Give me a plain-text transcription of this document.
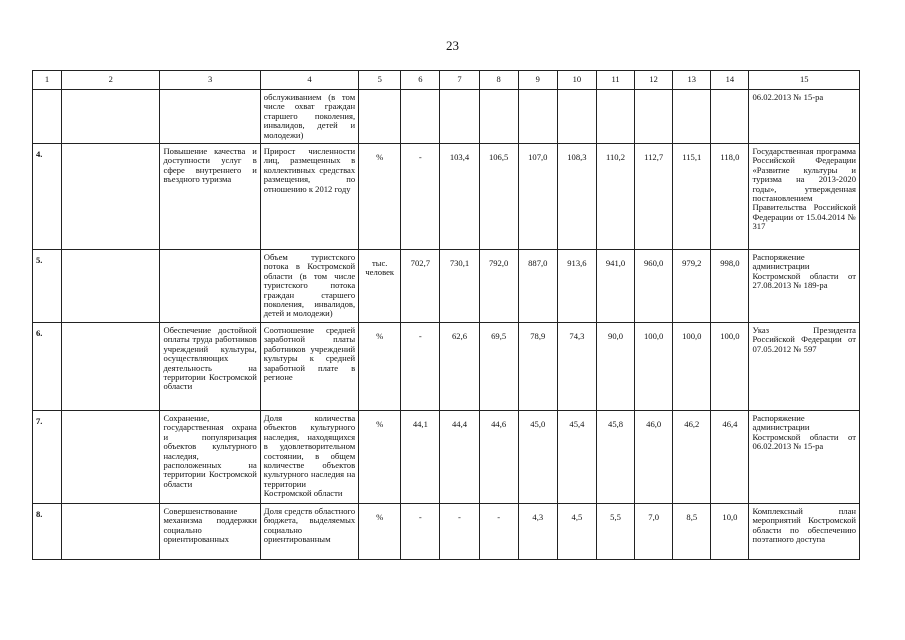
23
1	2	3	4	5	6	7	8	9	10	11	12	13	14	15
			обслуживанием (в том числе охват граждан старшего поколения, инвалидов, детей и молодежи)											06.02.2013 № 15-ра
4.		Повышение качества и доступности услуг в сфере внутреннего и въездного туризма	Прирост численности лиц, размещенных в коллективных средствах размещения, по отношению к 2012 году	%	-	103,4	106,5	107,0	108,3	110,2	112,7	115,1	118,0	Государственная программа Российской Федерации «Развитие культуры и туризма на 2013-2020 годы», утвержденная постановлением Правительства Российской Федерации от 15.04.2014 № 317
5.			Объем туристского потока в Костромской области (в том числе туристского потока граждан старшего поколения, инвалидов, детей и молодежи)	тыс. человек	702,7	730,1	792,0	887,0	913,6	941,0	960,0	979,2	998,0	Распоряжение администрации Костромской области от 27.08.2013 № 189-ра
6.		Обеспечение достойной оплаты труда работников учреждений культуры, осуществляющих деятельность на территории Костромской области	Соотношение средней заработной платы работников учреждений культуры к средней заработной плате в регионе	%	-	62,6	69,5	78,9	74,3	90,0	100,0	100,0	100,0	Указ Президента Российской Федерации от 07.05.2012 № 597
7.		Сохранение, государственная охрана и популяризация объектов культурного наследия, расположенных на территории Костромской области	Доля количества объектов культурного наследия, находящихся в удовлетворительном состоянии, в общем количестве объектов культурного наследия на территории Костромской области	%	44,1	44,4	44,6	45,0	45,4	45,8	46,0	46,2	46,4	Распоряжение администрации Костромской области от 06.02.2013 № 15-ра
8.		Совершенствование механизма поддержки социально ориентированных	Доля средств областного бюджета, выделяемых социально ориентированным	%	-	-	-	4,3	4,5	5,5	7,0	8,5	10,0	Комплексный план мероприятий Костромской области по обеспечению поэтапного доступа
